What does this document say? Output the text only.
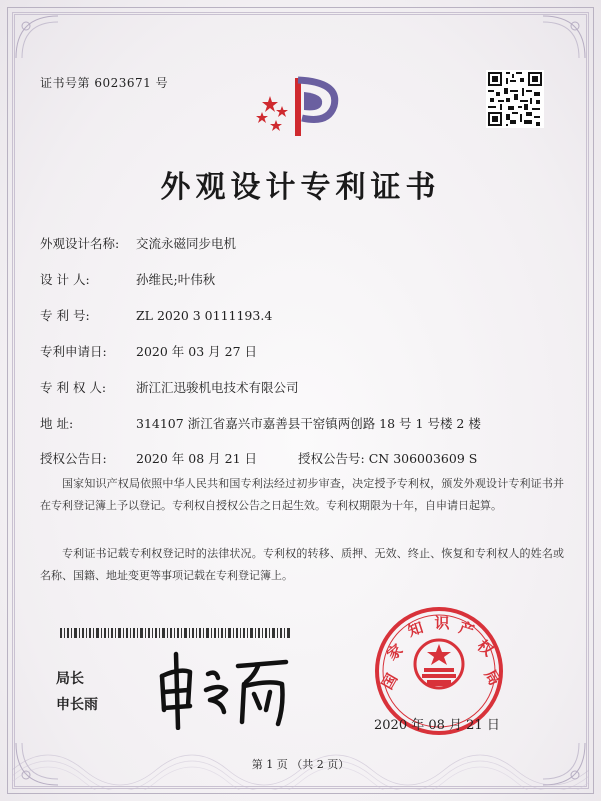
证书号第 6023671 号
外观设计专利证书
外观设计名称: 交流永磁同步电机
设 计 人:	孙维民;叶伟秋
专 利 号:	ZL 2020 3 0111193.4
专利申请日: 2020 年 03 月 27 日
专 利 权 人: 浙江汇迅骏机电技术有限公司
地 址:	314107 浙江省嘉兴市嘉善县干窑镇两创路 18 号 1 号楼 2 楼
授权公告日: 2020 年 08 月 21 日	授权公告号: CN 306003609 S
国家知识产权局依照中华人民共和国专利法经过初步审查，决定授予专利权，颁发外观设计专利证书并在专利登记簿上予以登记。专利权自授权公告之日起生效。专利权期限为十年，自申请日起算。
专利证书记载专利权登记时的法律状况。专利权的转移、质押、无效、终止、恢复和专利权人的姓名或名称、国籍、地址变更等事项记载在专利登记簿上。
局长
申长雨
国
家
知 识 产
权
局
2020 年 08 月 21 日
第 1 页 （共 2 页）
